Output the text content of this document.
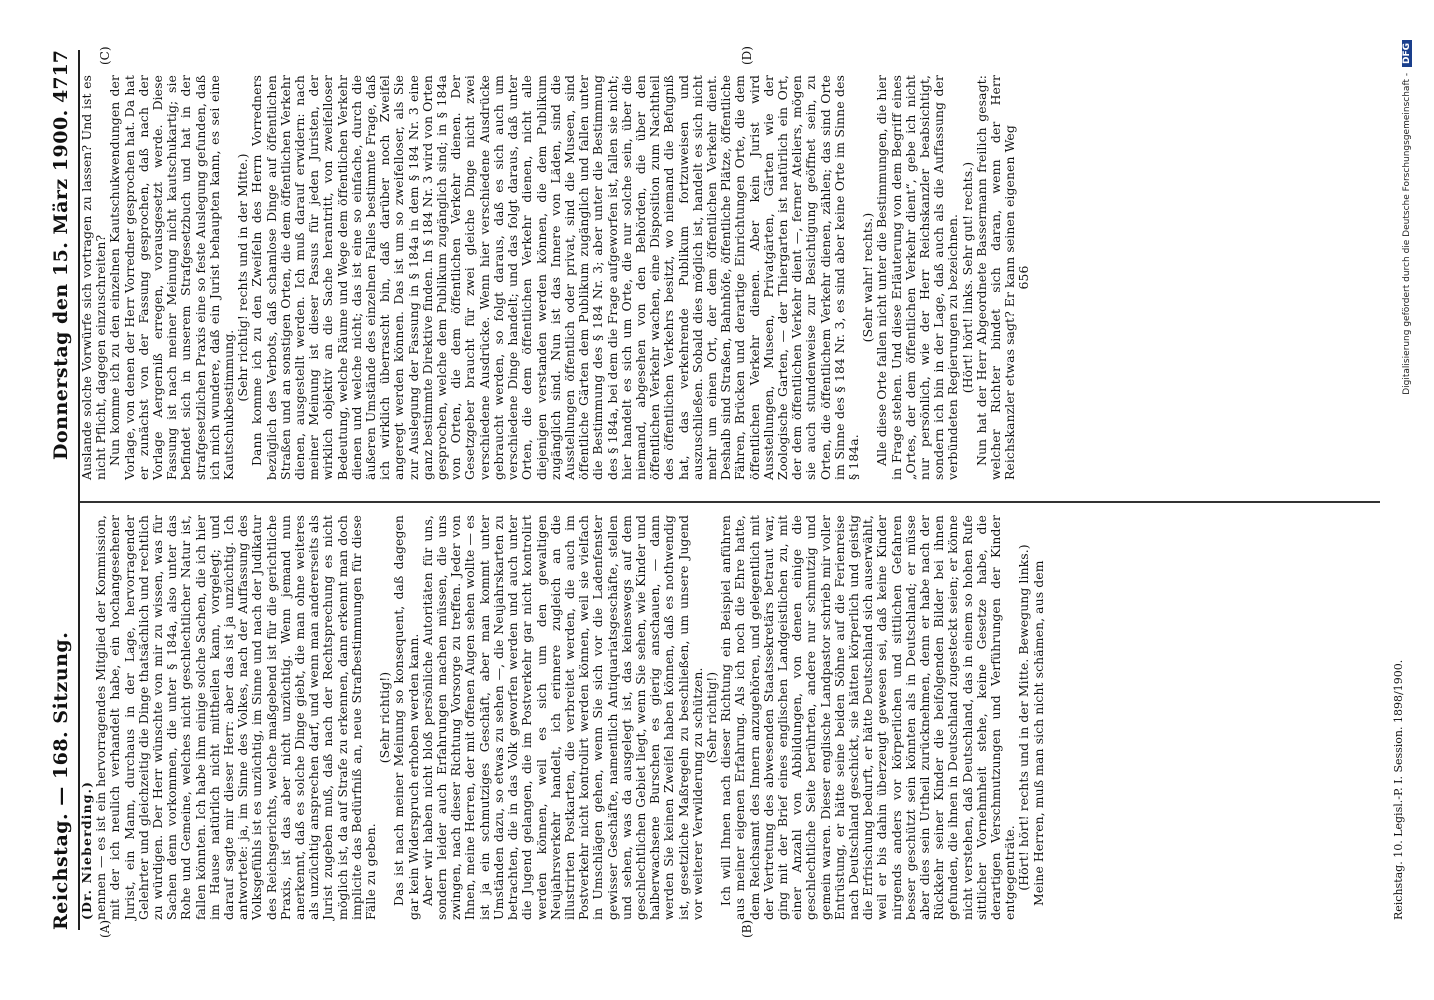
Reichstag. — 168. Sitzung.
Donnerstag den 15. März 1900.
4717
(A)	(B)
(C)	(D)

(Dr. Nieberding.) nennen — es ist ein hervorragendes Mitglied der Kommission, mit der ich neulich verhandelt habe, ein hochangesehener Jurist, ein Mann, durchaus in der Lage, hervorragender Gelehrter und gleichzeitig die Dinge thatsächlich und rechtlich zu würdigen. Der Herr wünschte von mir zu wissen, was für Sachen denn vorkommen, die unter § 184a, also unter das Rohe und Gemeine, welches nicht geschlechtlicher Natur ist, fallen könnten. Ich habe ihm einige solche Sachen, die ich hier im Hause natürlich nicht mittheilen kann, vorgelegt; und darauf sagte mir dieser Herr: aber das ist ja unzüchtig. Ich antwortete: ja, im Sinne des Volkes, nach der Auffassung des Volksgefühls ist es unzüchtig, im Sinne und nach der Judikatur des Reichsgerichts, welche maßgebend ist für die gerichtliche Praxis, ist das aber nicht unzüchtig. Wenn jemand nun anerkennt, daß es solche Dinge giebt, die man ohne weiteres als unzüchtig ansprechen darf, und wenn man andererseits als Jurist zugeben muß, daß nach der Rechtsprechung es nicht möglich ist, da auf Strafe zu erkennen, dann erkennt man doch implicite das Bedürfniß an, neue Strafbestimmungen für diese Fälle zu geben.

(Sehr richtig!) Das ist nach meiner Meinung so konsequent, daß dagegen gar kein Widerspruch erhoben werden kann. Aber wir haben nicht bloß persönliche Autoritäten für uns, sondern leider auch Erfahrungen machen müssen, die uns zwingen, nach dieser Richtung Vorsorge zu treffen. Jeder von Ihnen, meine Herren, der mit offenen Augen sehen wollte — es ist ja ein schmutziges Geschäft, aber man kommt unter Umständen dazu, so etwas zu sehen —, die Neujahrskarten zu betrachten, die in das Volk geworfen werden und auch unter die Jugend gelangen, die im Postverkehr gar nicht kontrolirt werden können, weil es sich um den gewaltigen Neujahrsverkehr handelt, ich erinnere zugleich an die illustrirten Postkarten, die verbreitet werden, die auch im Postverkehr nicht kontrolirt werden können, weil sie vielfach in Umschlägen gehen, wenn Sie sich vor die Ladenfenster gewisser Geschäfte, namentlich Antiquariatsgeschäfte, stellen und sehen, was da ausgelegt ist, das keineswegs auf dem geschlechtlichen Gebiet liegt, wenn Sie sehen, wie Kinder und halberwachsene Burschen es gierig anschauen, — dann werden Sie keinen Zweifel haben können, daß es nothwendig ist, gesetzliche Maßregeln zu beschließen, um unsere Jugend vor weiterer Verwilderung zu schützen. (Sehr richtig!) Ich will Ihnen nach dieser Richtung ein Beispiel anführen aus meiner eigenen Erfahrung. Als ich noch die Ehre hatte, dem Reichsamt des Innern anzugehören, und gelegentlich mit der Vertretung des abwesenden Staatssekretärs betraut war, ging mit der Brief eines englischen Landgeistlichen zu, mit einer Anzahl von Abbildungen, von denen einige die geschlechtliche Seite berührten, andere nur schmutzig und gemein waren. Dieser englische Landpastor schrieb mir voller Entrüstung, er hätte seine beiden Söhne auf die Ferienreise nach Deutschland geschickt, sie hätten körperlich und geistig die Erfrischung bedurft, er hätte Deutschland sich auserwählt, weil er bis dahin überzeugt gewesen sei, daß keine Kinder nirgends anders vor körperlichen und sittlichen Gefahren besser geschützt sein könnten als in Deutschland; er müsse aber dies sein Urtheil zurücknehmen, denn er habe nach der Rückkehr seiner Kinder die beifolgenden Bilder bei ihnen gefunden, die ihnen in Deutschland zugesteckt seien; er könne nicht verstehen, daß Deutschland, das in einem so hohen Rufe sittlicher Vornehmheit stehe, keine Gesetze habe, die derartigen Verschmutzungen und Verführungen der Kinder entgegenträte. (Hört! hört! rechts und in der Mitte. Bewegung links.) Meine Herren, muß man sich nicht schämen, aus dem

Auslande solche Vorwürfe sich vortragen zu lassen? Und ist es nicht Pflicht, dagegen einzuschreiten? Nun komme ich zu den einzelnen Kautschukwendungen der Vorlage, von denen der Herr Vorredner gesprochen hat. Da hat er zunächst von der Fassung gesprochen, daß nach der Vorlage Aergerniß erregen, vorausgesetzt werde. Diese Fassung ist nach meiner Meinung nicht kautschukartig; sie befindet sich in unserem Strafgesetzbuch und hat in der strafgesetzlichen Praxis eine so feste Auslegung gefunden, daß ich mich wundere, daß ein Jurist behaupten kann, es sei eine Kautschukbestimmung.

(Sehr richtig! rechts und in der Mitte.) Dann komme ich zu den Zweifeln des Herrn Vorredners bezüglich des Verbots, daß schamlose Dinge auf öffentlichen Straßen und an sonstigen Orten, die dem öffentlichen Verkehr dienen, ausgestellt werden. Ich muß darauf erwidern: nach meiner Meinung ist dieser Passus für jeden Juristen, der wirklich objektiv an die Sache herantritt, von zweifelloser Bedeutung, welche Räume und Wege dem öffentlichen Verkehr dienen und welche nicht; das ist eine so einfache, durch die äußeren Umstände des einzelnen Falles bestimmte Frage, daß ich wirklich überrascht bin, daß darüber noch Zweifel angeregt werden können. Das ist um so zweifelloser, als Sie zur Auslegung der Fassung in § 184a in dem § 184 Nr. 3 eine ganz bestimmte Direktive finden. In § 184 Nr. 3 wird von Orten gesprochen, welche dem Publikum zugänglich sind; in § 184a von Orten, die dem öffentlichen Verkehr dienen. Der Gesetzgeber braucht für zwei gleiche Dinge nicht zwei verschiedene Ausdrücke. Wenn hier verschiedene Ausdrücke gebraucht werden, so folgt daraus, daß es sich auch um verschiedene Dinge handelt; und das folgt daraus, daß unter Orten, die dem öffentlichen Verkehr dienen, nicht alle diejenigen verstanden werden können, die dem Publikum zugänglich sind. Nun ist das Innere von Läden, sind die Ausstellungen öffentlich oder privat, sind die Museen, sind öffentliche Gärten dem Publikum zugänglich und fallen unter die Bestimmung des § 184 Nr. 3; aber unter die Bestimmung des § 184a, bei dem die Frage aufgeworfen ist, fallen sie nicht; hier handelt es sich um Orte, die nur solche sein, über die niemand, abgesehen von den Behörden, die über den öffentlichen Verkehr wachen, eine Disposition zum Nachtheil des öffentlichen Verkehrs besitzt, wo niemand die Befugniß hat, das verkehrende Publikum fortzuweisen und auszuschließen. Sobald dies möglich ist, handelt es sich nicht mehr um einen Ort, der dem öffentlichen Verkehr dient. Deshalb sind Straßen, Bahnhöfe, öffentliche Plätze, öffentliche Fähren, Brücken und derartige Einrichtungen Orte, die dem öffentlichen Verkehr dienen. Aber kein Jurist wird Ausstellungen, Museen, Privatgärten, Gärten wie der Zoologische Garten, — der Thiergarten ist natürlich ein Ort, der dem öffentlichen Verkehr dient —, ferner Ateliers, mögen sie auch stundenweise zur Besichtigung geöffnet sein, zu Orten, die öffentlichem Verkehr dienen, zählen; das sind Orte im Sinne des § 184 Nr. 3, es sind aber keine Orte im Sinne des § 184a.

(Sehr wahr! rechts.) Alle diese Orte fallen nicht unter die Bestimmungen, die hier in Frage stehen. Und diese Erläuterung von dem Begriff eines „Ortes, der dem öffentlichen Verkehr dient“, gebe ich nicht nur persönlich, wie der Herr Reichskanzler beabsichtigt, sondern ich bin in der Lage, daß auch als die Auffassung der verbündeten Regierungen zu bezeichnen. (Hört! hört! links. Sehr gut! rechts.) Nun hat der Herr Abgeordnete Bassermann freilich gesagt: welcher Richter bindet sich daran, wenn der Herr Reichskanzler etwas sagt? Er kann seinen eigenen Weg 656

Reichstag. 10. Legisl.-P. I. Session. 1898/1900.
Digitalisierung gefördert durch die Deutsche Forschungsgemeinschaft - DFG
